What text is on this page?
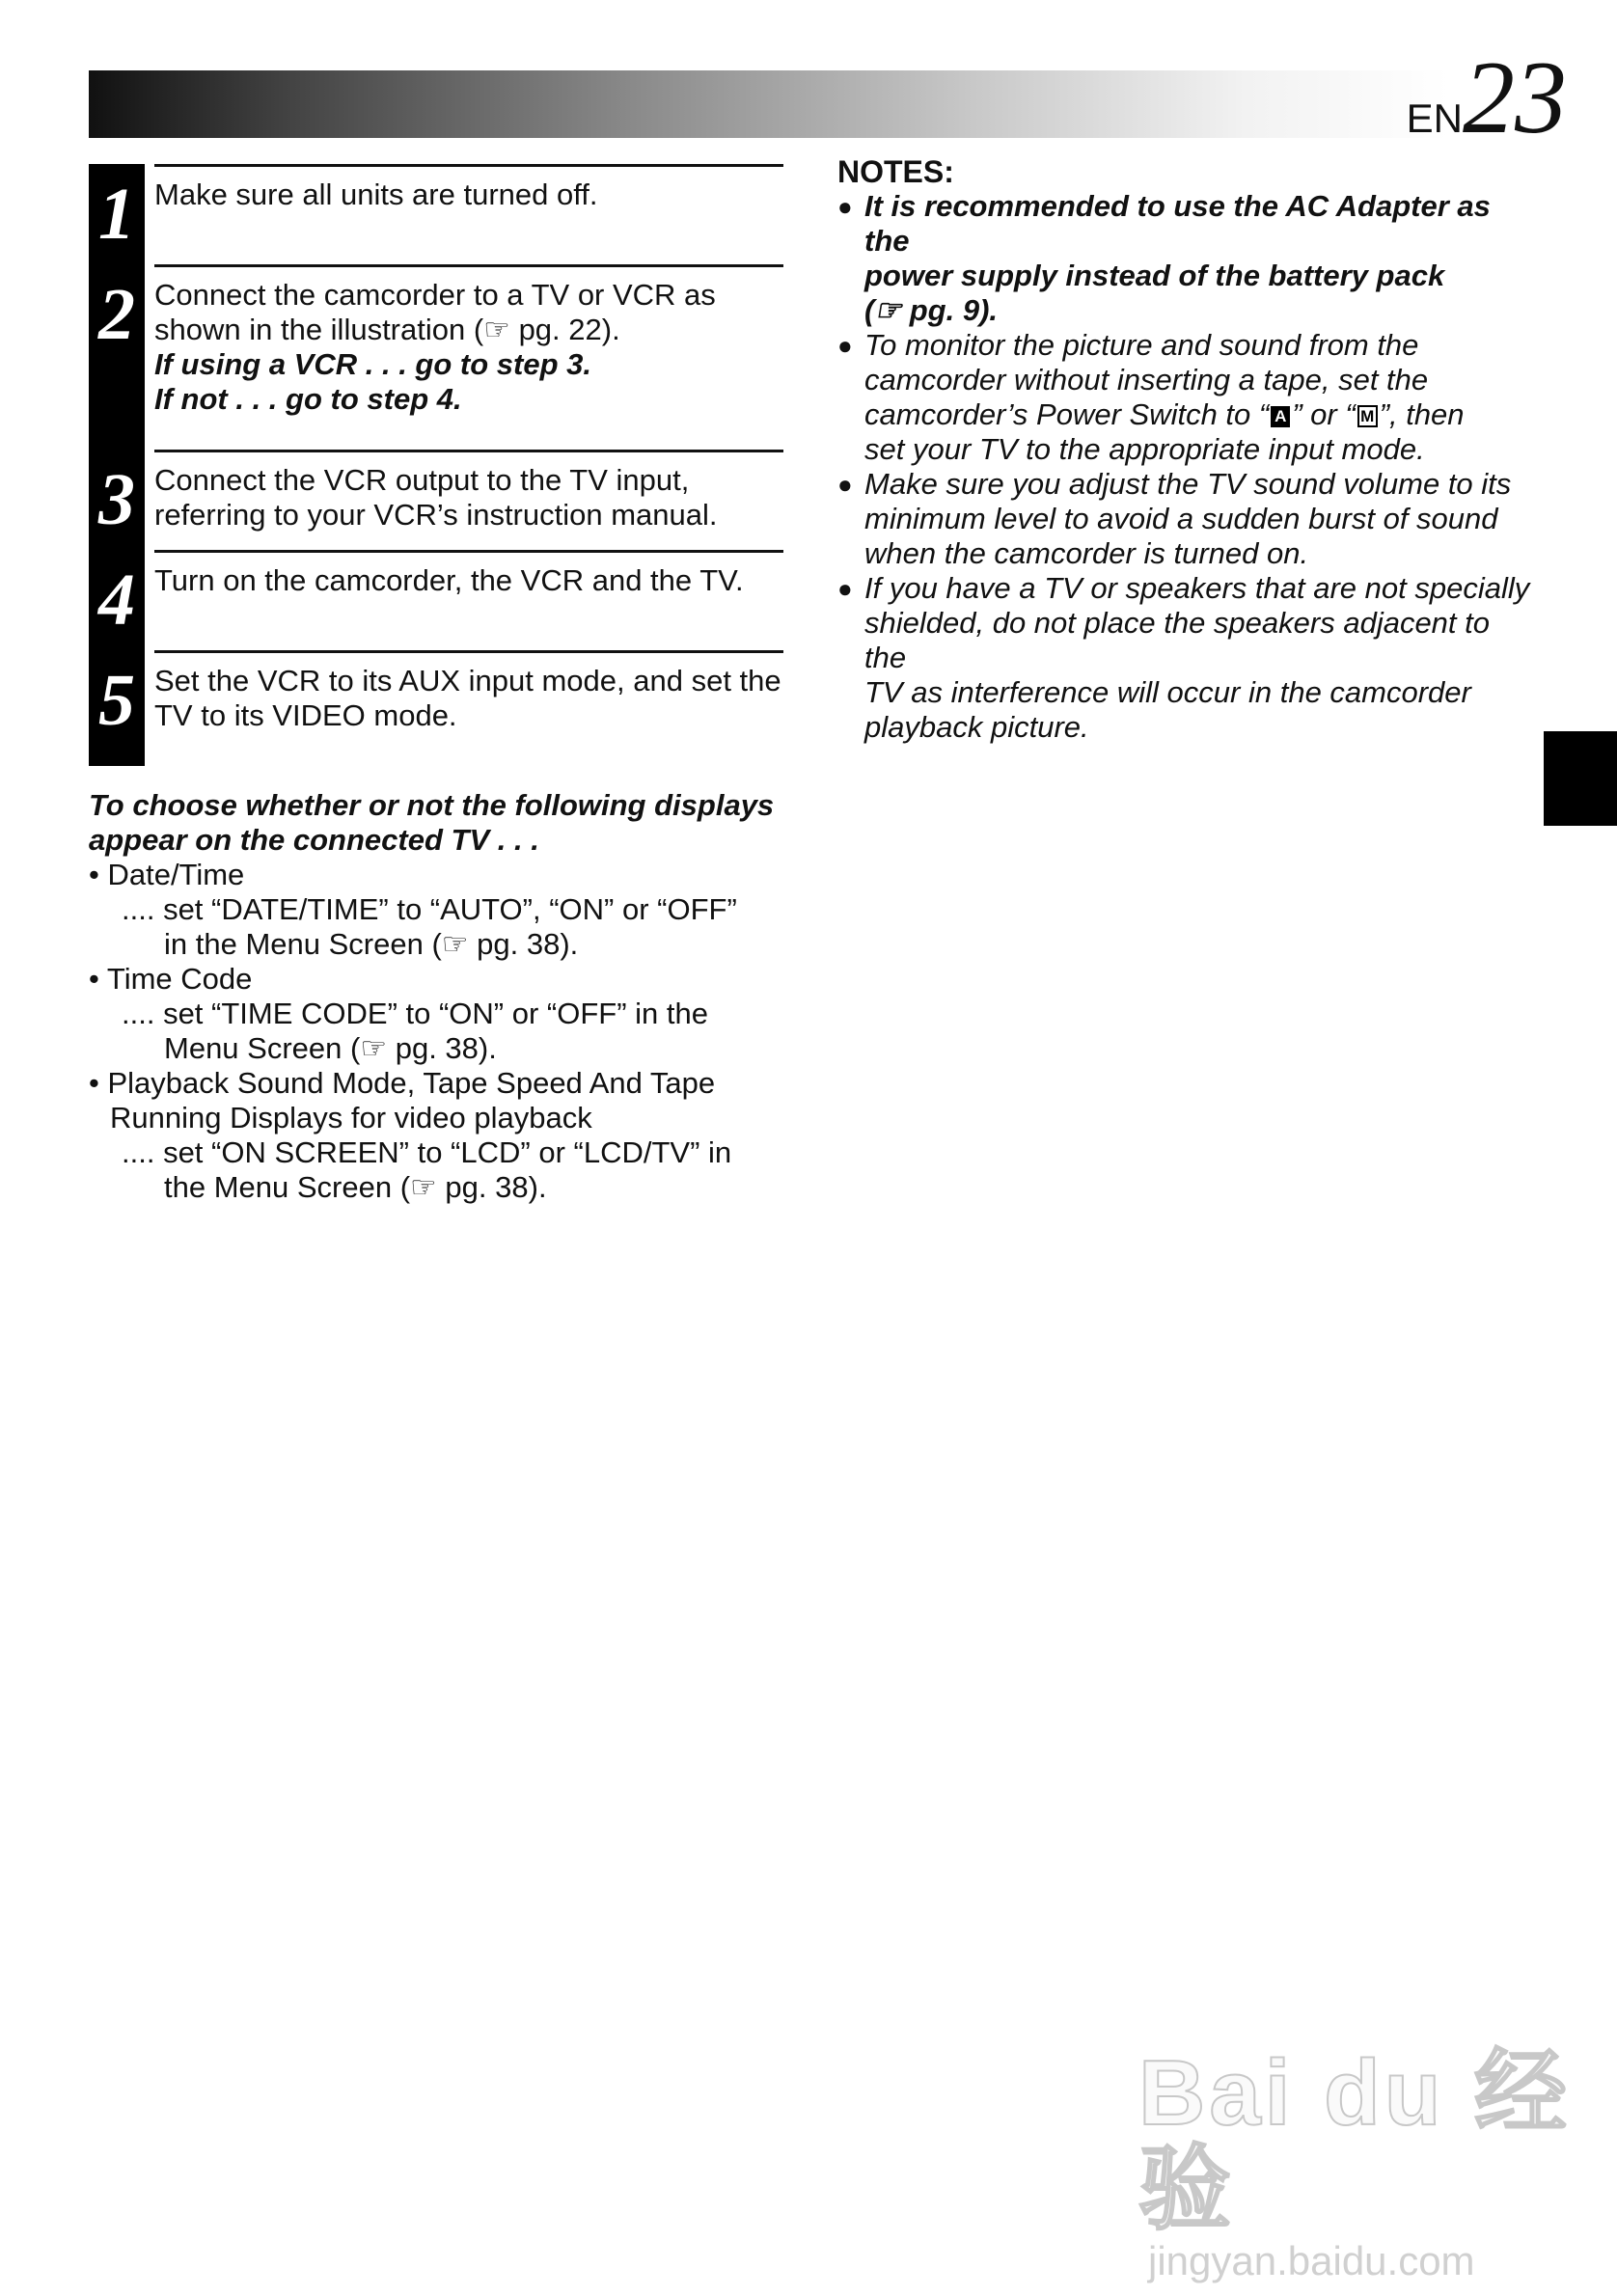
EN23
1 Make sure all units are turned off.
2 Connect the camcorder to a TV or VCR as
shown in the illustration (☞ pg. 22).
If using a VCR . . . go to step 3.
If not . . . go to step 4.
3 Connect the VCR output to the TV input,
referring to your VCR’s instruction manual.
4 Turn on the camcorder, the VCR and the TV.
5 Set the VCR to its AUX input mode, and set the
TV to its VIDEO mode.
To choose whether or not the following displays
appear on the connected TV . . .
• Date/Time
.... set “DATE/TIME” to “AUTO”, “ON” or “OFF”
in the Menu Screen (☞ pg. 38).
• Time Code
.... set “TIME CODE” to “ON” or “OFF” in the
Menu Screen (☞ pg. 38).
• Playback Sound Mode, Tape Speed And Tape
Running Displays for video playback
.... set “ON SCREEN” to “LCD” or “LCD/TV” in
the Menu Screen (☞ pg. 38).
NOTES:
● It is recommended to use the AC Adapter as the
power supply instead of the battery pack
(☞ pg. 9).
● To monitor the picture and sound from the
camcorder without inserting a tape, set the
camcorder’s Power Switch to “ A ” or “ M ”, then
set your TV to the appropriate input mode.
● Make sure you adjust the TV sound volume to its
minimum level to avoid a sudden burst of sound
when the camcorder is turned on.
● If you have a TV or speakers that are not specially
shielded, do not place the speakers adjacent to the
TV as interference will occur in the camcorder
playback picture.
Bai du 经验
jingyan.baidu.com
